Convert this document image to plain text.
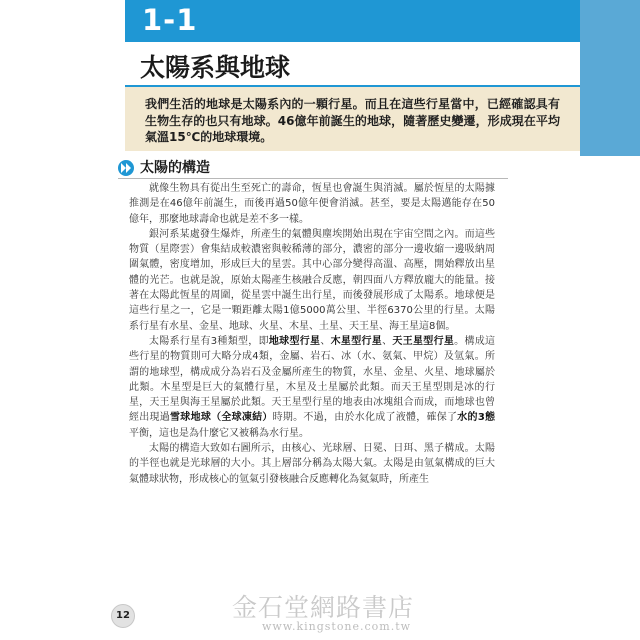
1-1
太陽系與地球

我們生活的地球是太陽系內的一顆行星。而且在這些行星當中，已經確認具有生物生存的也只有地球。46億年前誕生的地球，隨著歷史變遷，形成現在平均氣溫15℃的地球環境。

太陽的構造

就像生物具有從出生至死亡的壽命，恆星也會誕生與消滅。屬於恆星的太陽據推測是在46億年前誕生，而後再過50億年便會消滅。甚至，要是太陽邁能存在50億年，那麼地球壽命也就是差不多一樣。

銀河系某處發生爆炸，所產生的氣體與塵埃開始出現在宇宙空間之內。而這些物質（星際雲）會集結成較濃密與較稀薄的部分，濃密的部分一邊收縮一邊吸納周圍氣體，密度增加，形成巨大的星雲。其中心部分變得高溫、高壓，開始釋放出星體的光芒。也就是說，原始太陽產生核融合反應，朝四面八方釋放龐大的能量。接著在太陽此恆星的周圍，從星雲中誕生出行星，而後發展形成了太陽系。地球便是這些行星之一，它是一顆距離太陽1億5000萬公里、半徑6370公里的行星。太陽系行星有水星、金星、地球、火星、木星、土星、天王星、海王星這8個。

太陽系行星有3種類型，即地球型行星、木星型行星、天王星型行星。構成這些行星的物質則可大略分成4類，金屬、岩石、冰（水、氨氣、甲烷）及氫氣。所謂的地球型，構成成分為岩石及金屬所產生的物質，水星、金星、火星、地球屬於此類。木星型是巨大的氣體行星，木星及土星屬於此類。而天王星型則是冰的行星，天王星與海王星屬於此類。天王星型行星的地表由冰塊組合而成，而地球也曾經出現過雪球地球（全球凍結）時期。不過，由於水化成了液體，確保了水的3態平衡，這也是為什麼它又被稱為水行星。

太陽的構造大致如右圖所示，由核心、光球層、日冕、日珥、黑子構成。太陽的半徑也就是光球層的大小。其上層部分稱為太陽大氣。太陽是由氫氣構成的巨大氣體球狀物，形成核心的氫氣引發核融合反應轉化為氦氣時，所產生

12	金石堂網路書店
www.kingstone.com.tw
